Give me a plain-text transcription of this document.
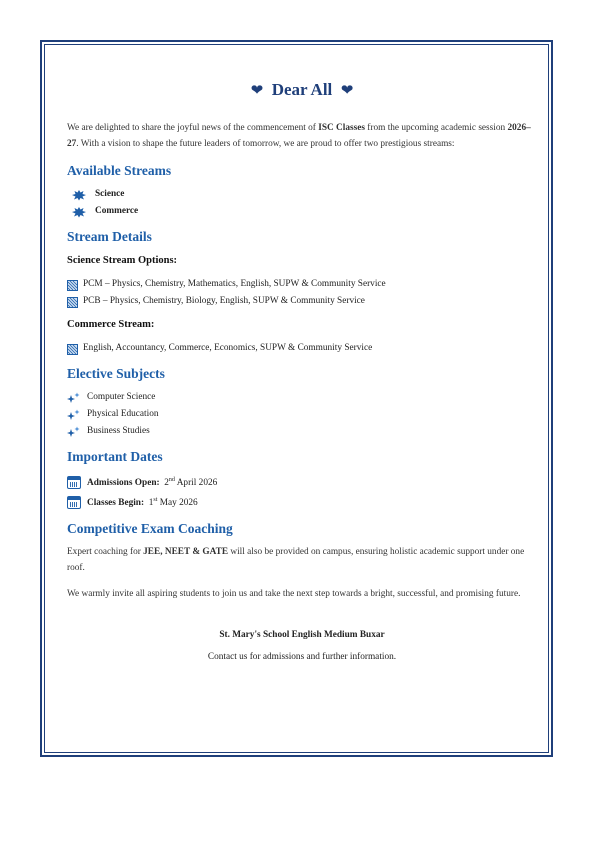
❤ Dear All ❤

We are delighted to share the joyful news of the commencement of ISC Classes from the upcoming academic session 2026–27. With a vision to shape the future leaders of tomorrow, we are proud to offer two prestigious streams:

Available Streams
Science
Commerce
Stream Details
Science Stream Options:
PCM – Physics, Chemistry, Mathematics, English, SUPW & Community Service
PCB – Physics, Chemistry, Biology, English, SUPW & Community Service
Commerce Stream:
English, Accountancy, Commerce, Economics, SUPW & Community Service
Elective Subjects
Computer Science
Physical Education
Business Studies
Important Dates
Admissions Open: 2nd April 2026
Classes Begin: 1st May 2026
Competitive Exam Coaching

Expert coaching for JEE, NEET & GATE will also be provided on campus, ensuring holistic academic support under one roof.

We warmly invite all aspiring students to join us and take the next step towards a bright, successful, and promising future.

St. Mary's School English Medium Buxar

Contact us for admissions and further information.
